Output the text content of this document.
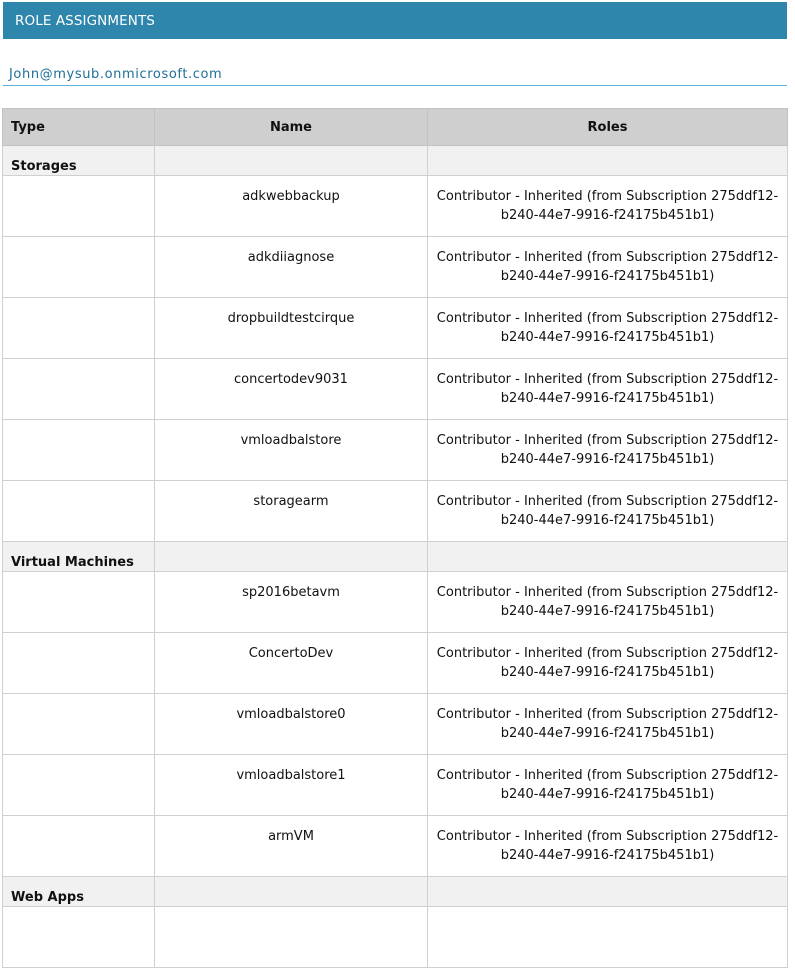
ROLE ASSIGNMENTS
John@mysub.onmicrosoft.com
Type	Name	Roles
Storages		
	adkwebbackup	Contributor - Inherited (from Subscription 275ddf12-
b240-44e7-9916-f24175b451b1)

	adkdiiagnose	Contributor - Inherited (from Subscription 275ddf12-
b240-44e7-9916-f24175b451b1)

	dropbuildtestcirque	Contributor - Inherited (from Subscription 275ddf12-
b240-44e7-9916-f24175b451b1)

	concertodev9031	Contributor - Inherited (from Subscription 275ddf12-
b240-44e7-9916-f24175b451b1)

	vmloadbalstore	Contributor - Inherited (from Subscription 275ddf12-
b240-44e7-9916-f24175b451b1)

	storagearm	Contributor - Inherited (from Subscription 275ddf12-
b240-44e7-9916-f24175b451b1)

Virtual Machines		
	sp2016betavm	Contributor - Inherited (from Subscription 275ddf12-
b240-44e7-9916-f24175b451b1)

	ConcertoDev	Contributor - Inherited (from Subscription 275ddf12-
b240-44e7-9916-f24175b451b1)

	vmloadbalstore0	Contributor - Inherited (from Subscription 275ddf12-
b240-44e7-9916-f24175b451b1)

	vmloadbalstore1	Contributor - Inherited (from Subscription 275ddf12-
b240-44e7-9916-f24175b451b1)

	armVM	Contributor - Inherited (from Subscription 275ddf12-
b240-44e7-9916-f24175b451b1)

Web Apps		
